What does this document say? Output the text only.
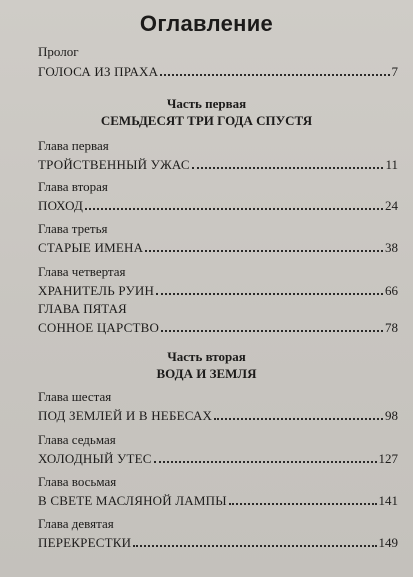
Оглавление
Пролог
ГОЛОСА ИЗ ПРАХА	7
Часть первая
СЕМЬДЕСЯТ ТРИ ГОДА СПУСТЯ
Глава первая
ТРОЙСТВЕННЫЙ УЖАС	11
Глава вторая
ПОХОД	24
Глава третья
СТАРЫЕ ИМЕНА	38
Глава четвертая
ХРАНИТЕЛЬ РУИН	66
ГЛАВА ПЯТАЯ
СОННОЕ ЦАРСТВО	78
Часть вторая
ВОДА И ЗЕМЛЯ
Глава шестая
ПОД ЗЕМЛЕЙ И В НЕБЕСАХ	98
Глава седьмая
ХОЛОДНЫЙ УТЕС	127
Глава восьмая
В СВЕТЕ МАСЛЯНОЙ ЛАМПЫ	141
Глава девятая
ПЕРЕКРЕСТКИ	149
